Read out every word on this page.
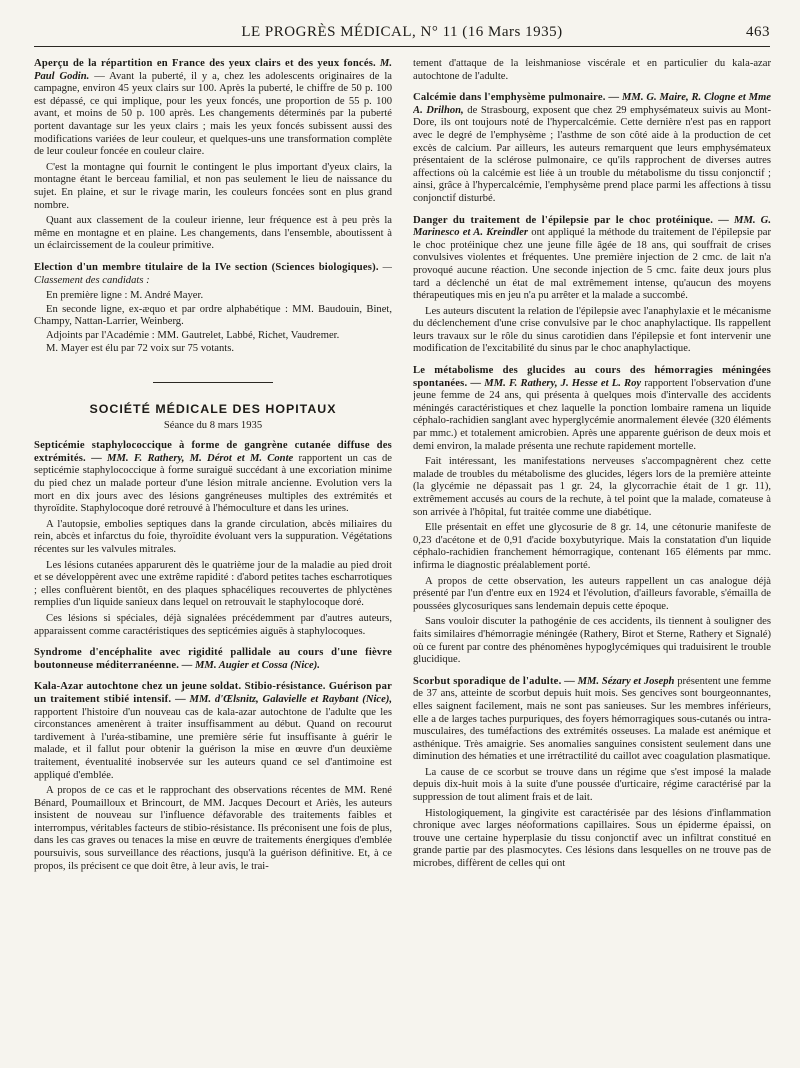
LE PROGRÈS MÉDICAL, N° 11 (16 Mars 1935)	463

Aperçu de la répartition en France des yeux clairs et des yeux foncés. M. Paul Godin. — Avant la puberté, il y a, chez les adolescents originaires de la campagne, environ 45 yeux clairs sur 100. Après la puberté, le chiffre de 50 p. 100 est dépassé, ce qui implique, pour les yeux foncés, une proportion de 55 p. 100 avant, et moins de 50 p. 100 après. Les changements déterminés par la puberté portent davantage sur les yeux clairs ; mais les yeux foncés subissent aussi des modifications variées de leur couleur, et quelques-uns une transformation complète de leur couleur foncée en couleur claire.

C'est la montagne qui fournit le contingent le plus important d'yeux clairs, la montagne étant le berceau familial, et non pas seulement le lieu de naissance du sujet. En plaine, et sur le rivage marin, les couleurs foncées sont en plus grand nombre.

Quant aux classement de la couleur irienne, leur fréquence est à peu près la même en montagne et en plaine. Les changements, dans l'ensemble, aboutissent à un éclaircissement de la couleur primitive.

Election d'un membre titulaire de la IVe section (Sciences biologiques). — Classement des candidats :

En première ligne : M. André Mayer.

En seconde ligne, ex-æquo et par ordre alphabétique : MM. Baudouin, Binet, Champy, Nattan-Larrier, Weinberg.

Adjoints par l'Académie : MM. Gautrelet, Labbé, Richet, Vaudremer.

M. Mayer est élu par 72 voix sur 75 votants.

SOCIÉTÉ MÉDICALE DES HOPITAUX
Séance du 8 mars 1935

Septicémie staphylococcique à forme de gangrène cutanée diffuse des extrémités. — MM. F. Rathery, M. Dérot et M. Conte rapportent un cas de septicémie staphylococcique à forme suraiguë succédant à une excoriation minime du pied chez un malade porteur d'une lésion mitrale ancienne. Evolution vers la mort en dix jours avec des lésions gangréneuses multiples des extrémités et thyroïdite. Staphylocoque doré retrouvé à l'hémoculture et dans les urines.

A l'autopsie, embolies septiques dans la grande circulation, abcès miliaires du rein, abcès et infarctus du foie, thyroïdite évoluant vers la suppuration. Végétations récentes sur les valvules mitrales.

Les lésions cutanées apparurent dès le quatrième jour de la maladie au pied droit et se développèrent avec une extrême rapidité : d'abord petites taches escharrotiques ; elles confluèrent bientôt, en des plaques sphacéliques recouvertes de phlyctènes remplies d'un liquide sanieux dans lequel on retrouvait le staphylocoque doré.

Ces lésions si spéciales, déjà signalées précédemment par d'autres auteurs, apparaissent comme caractéristiques des septicémies aiguës à staphylocoques.

Syndrome d'encéphalite avec rigidité pallidale au cours d'une fièvre boutonneuse méditerranéenne. — MM. Augier et Cossa (Nice).

Kala-Azar autochtone chez un jeune soldat. Stibio-résistance. Guérison par un traitement stibié intensif. — MM. d'Œlsnitz, Galavielle et Raybant (Nice), rapportent l'histoire d'un nouveau cas de kala-azar autochtone de l'adulte que les circonstances amenèrent à traiter insuffisamment au début. Quand on recourut tardivement à l'uréa-stibamine, une première série fut insuffisante à guérir le malade, et il fallut pour obtenir la guérison la mise en œuvre d'un deuxième traitement, éventualité inobservée sur les auteurs quand ce sel d'antimoine est appliqué d'emblée.

A propos de ce cas et le rapprochant des observations récentes de MM. René Bénard, Poumailloux et Brincourt, de MM. Jacques Decourt et Ariès, les auteurs insistent de nouveau sur l'influence défavorable des traitements faibles et interrompus, véritables facteurs de stibio-résistance. Ils préconisent une fois de plus, dans les cas graves ou tenaces la mise en œuvre de traitements énergiques d'emblée poursuivis, sous surveillance des réactions, jusqu'à la guérison définitive. Et, à ce propos, ils précisent ce que doit être, à leur avis, le trai-

tement d'attaque de la leishmaniose viscérale et en particulier du kala-azar autochtone de l'adulte.

Calcémie dans l'emphysème pulmonaire. — MM. G. Maire, R. Clogne et Mme A. Drilhon, de Strasbourg, exposent que chez 29 emphysémateux suivis au Mont-Dore, ils ont toujours noté de l'hypercalcémie. Cette dernière n'est pas en rapport avec le degré de l'emphysème ; l'asthme de son côté aide à la production de cet excès de calcium. Par ailleurs, les auteurs remarquent que leurs emphysémateux présentaient de la sclérose pulmonaire, ce qu'ils rapprochent de diverses autres affections où la calcémie est liée à un trouble du métabolisme du tissu conjonctif ; ainsi, grâce à l'hypercalcémie, l'emphysème prend place parmi les affections à tissu conjonctif disturbé.

Danger du traitement de l'épilepsie par le choc protéinique. — MM. G. Marinesco et A. Kreindler ont appliqué la méthode du traitement de l'épilepsie par le choc protéinique chez une jeune fille âgée de 18 ans, qui souffrait de crises convulsives violentes et fréquentes. Une première injection de 2 cmc. de lait n'a provoqué aucune réaction. Une seconde injection de 5 cmc. faite deux jours plus tard a déclenché un état de mal extrêmement intense, qu'aucun des moyens thérapeutiques mis en jeu n'a pu arrêter et la malade a succombé.

Les auteurs discutent la relation de l'épilepsie avec l'anaphylaxie et le mécanisme du déclenchement d'une crise convulsive par le choc anaphylactique. Ils rappellent leurs travaux sur le rôle du sinus carotidien dans l'épilepsie et font intervenir une modification de l'excitabilité du sinus par le choc anaphylactique.

Le métabolisme des glucides au cours des hémorragies méningées spontanées. — MM. F. Rathery, J. Hesse et L. Roy rapportent l'observation d'une jeune femme de 24 ans, qui présenta à quelques mois d'intervalle des accidents méningés caractéristiques et chez laquelle la ponction lombaire ramena un liquide céphalo-rachidien sanglant avec hyperglycémie anormalement élevée (320 éléments par mmc.) et totalement amicrobien. Après une apparente guérison de deux mois et demi environ, la malade présenta une rechute rapidement mortelle.

Fait intéressant, les manifestations nerveuses s'accompagnèrent chez cette malade de troubles du métabolisme des glucides, légers lors de la première atteinte (la glycémie ne dépassait pas 1 gr. 24, la glycorrachie était de 1 gr. 11), extrêmement accusés au cours de la rechute, à tel point que la malade, comateuse à son arrivée à l'hôpital, fut traitée comme une diabétique.

Elle présentait en effet une glycosurie de 8 gr. 14, une cétonurie manifeste de 0,23 d'acétone et de 0,91 d'acide boxybutyrique. Mais la constatation d'un liquide céphalo-rachidien franchement hémorragique, contenant 165 éléments par mmc. infirma le diagnostic préalablement porté.

A propos de cette observation, les auteurs rappellent un cas analogue déjà présenté par l'un d'entre eux en 1924 et l'évolution, d'ailleurs favorable, s'émailla de poussées glycosuriques sans lendemain depuis cette époque.

Sans vouloir discuter la pathogénie de ces accidents, ils tiennent à souligner des faits similaires d'hémorragie méningée (Rathery, Birot et Sterne, Rathery et Signalé) où ce furent par contre des phénomènes hypoglycémiques qui traduisirent le trouble glucidique.

Scorbut sporadique de l'adulte. — MM. Sézary et Joseph présentent une femme de 37 ans, atteinte de scorbut depuis huit mois. Ses gencives sont bourgeonnantes, elles saignent facilement, mais ne sont pas sanieuses. Sur les membres inférieurs, elle a de larges taches purpuriques, des foyers hémorragiques sous-cutanés ou intra-musculaires, des tuméfactions des extrémités osseuses. La malade est anémique et asthénique. Très amaigrie. Ses anomalies sanguines consistent seulement dans une diminution des hématies et une irrétractilité du caillot avec coagulation plasmatique.

La cause de ce scorbut se trouve dans un régime que s'est imposé la malade depuis dix-huit mois à la suite d'une poussée d'urticaire, régime caractérisé par la suppression de tout aliment frais et de lait.

Histologiquement, la gingivite est caractérisée par des lésions d'inflammation chronique avec larges néoformations capillaires. Sous un épiderme épaissi, on trouve une certaine hyperplasie du tissu conjonctif avec un infiltrat constitué en grande partie par des plasmocytes. Ces lésions dans lesquelles on ne trouve pas de microbes, diffèrent de celles qui ont
